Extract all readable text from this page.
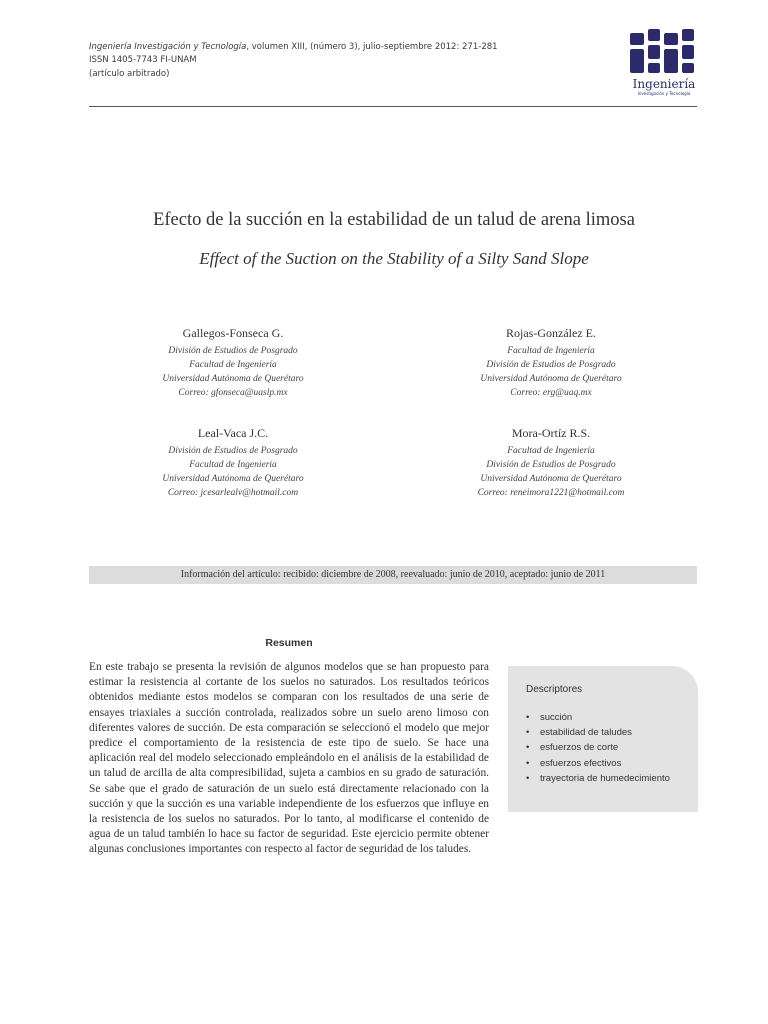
Ingeniería Investigación y Tecnología, volumen XIII, (número 3), julio-septiembre 2012: 271-281
ISSN 1405-7743 FI-UNAM
(artículo arbitrado)
Ingeniería
Investigación y Tecnología
Efecto de la succión en la estabilidad de un talud de arena limosa
Effect of the Suction on the Stability of a Silty Sand Slope
Gallegos-Fonseca G.
División de Estudios de Posgrado
Facultad de Ingeniería
Universidad Autónoma de Querétaro
Correo: gfonseca@uaslp.mx
Rojas-González E.
Facultad de Ingeniería
División de Estudios de Posgrado
Universidad Autónoma de Querétaro
Correo: erg@uaq.mx
Leal-Vaca J.C.
División de Estudios de Posgrado
Facultad de Ingeniería
Universidad Autónoma de Querétaro
Correo: jcesarlealv@hotmail.com
Mora-Ortíz R.S.
Facultad de Ingeniería
División de Estudios de Posgrado
Universidad Autónoma de Querétaro
Correo: reneimora1221@hotmail.com
Información del artículo: recibido: diciembre de 2008, reevaluado: junio de 2010, aceptado: junio de 2011
Resumen
En este trabajo se presenta la revisión de algunos modelos que se han propuesto para estimar la resistencia al cortante de los suelos no saturados. Los resultados teóricos obtenidos mediante estos modelos se comparan con los resultados de una serie de ensayes triaxiales a succión controlada, realizados sobre un suelo areno limoso con diferentes valores de succión. De esta comparación se seleccionó el modelo que mejor predice el comportamiento de la resistencia de este tipo de suelo. Se hace una aplicación real del modelo seleccionado empleándolo en el análisis de la estabilidad de un talud de arcilla de alta compresibilidad, sujeta a cambios en su grado de saturación. Se sabe que el grado de saturación de un suelo está directamente relacionado con la succión y que la succión es una variable independiente de los esfuerzos que influye en la resistencia de los suelos no saturados. Por lo tanto, al modificarse el contenido de agua de un talud también lo hace su factor de seguridad. Este ejercicio permite obtener algunas conclusiones importantes con respecto al factor de seguridad de los taludes.
Descriptores
• succión
• estabilidad de taludes
• esfuerzos de corte
• esfuerzos efectivos
• trayectoria de humedecimiento
